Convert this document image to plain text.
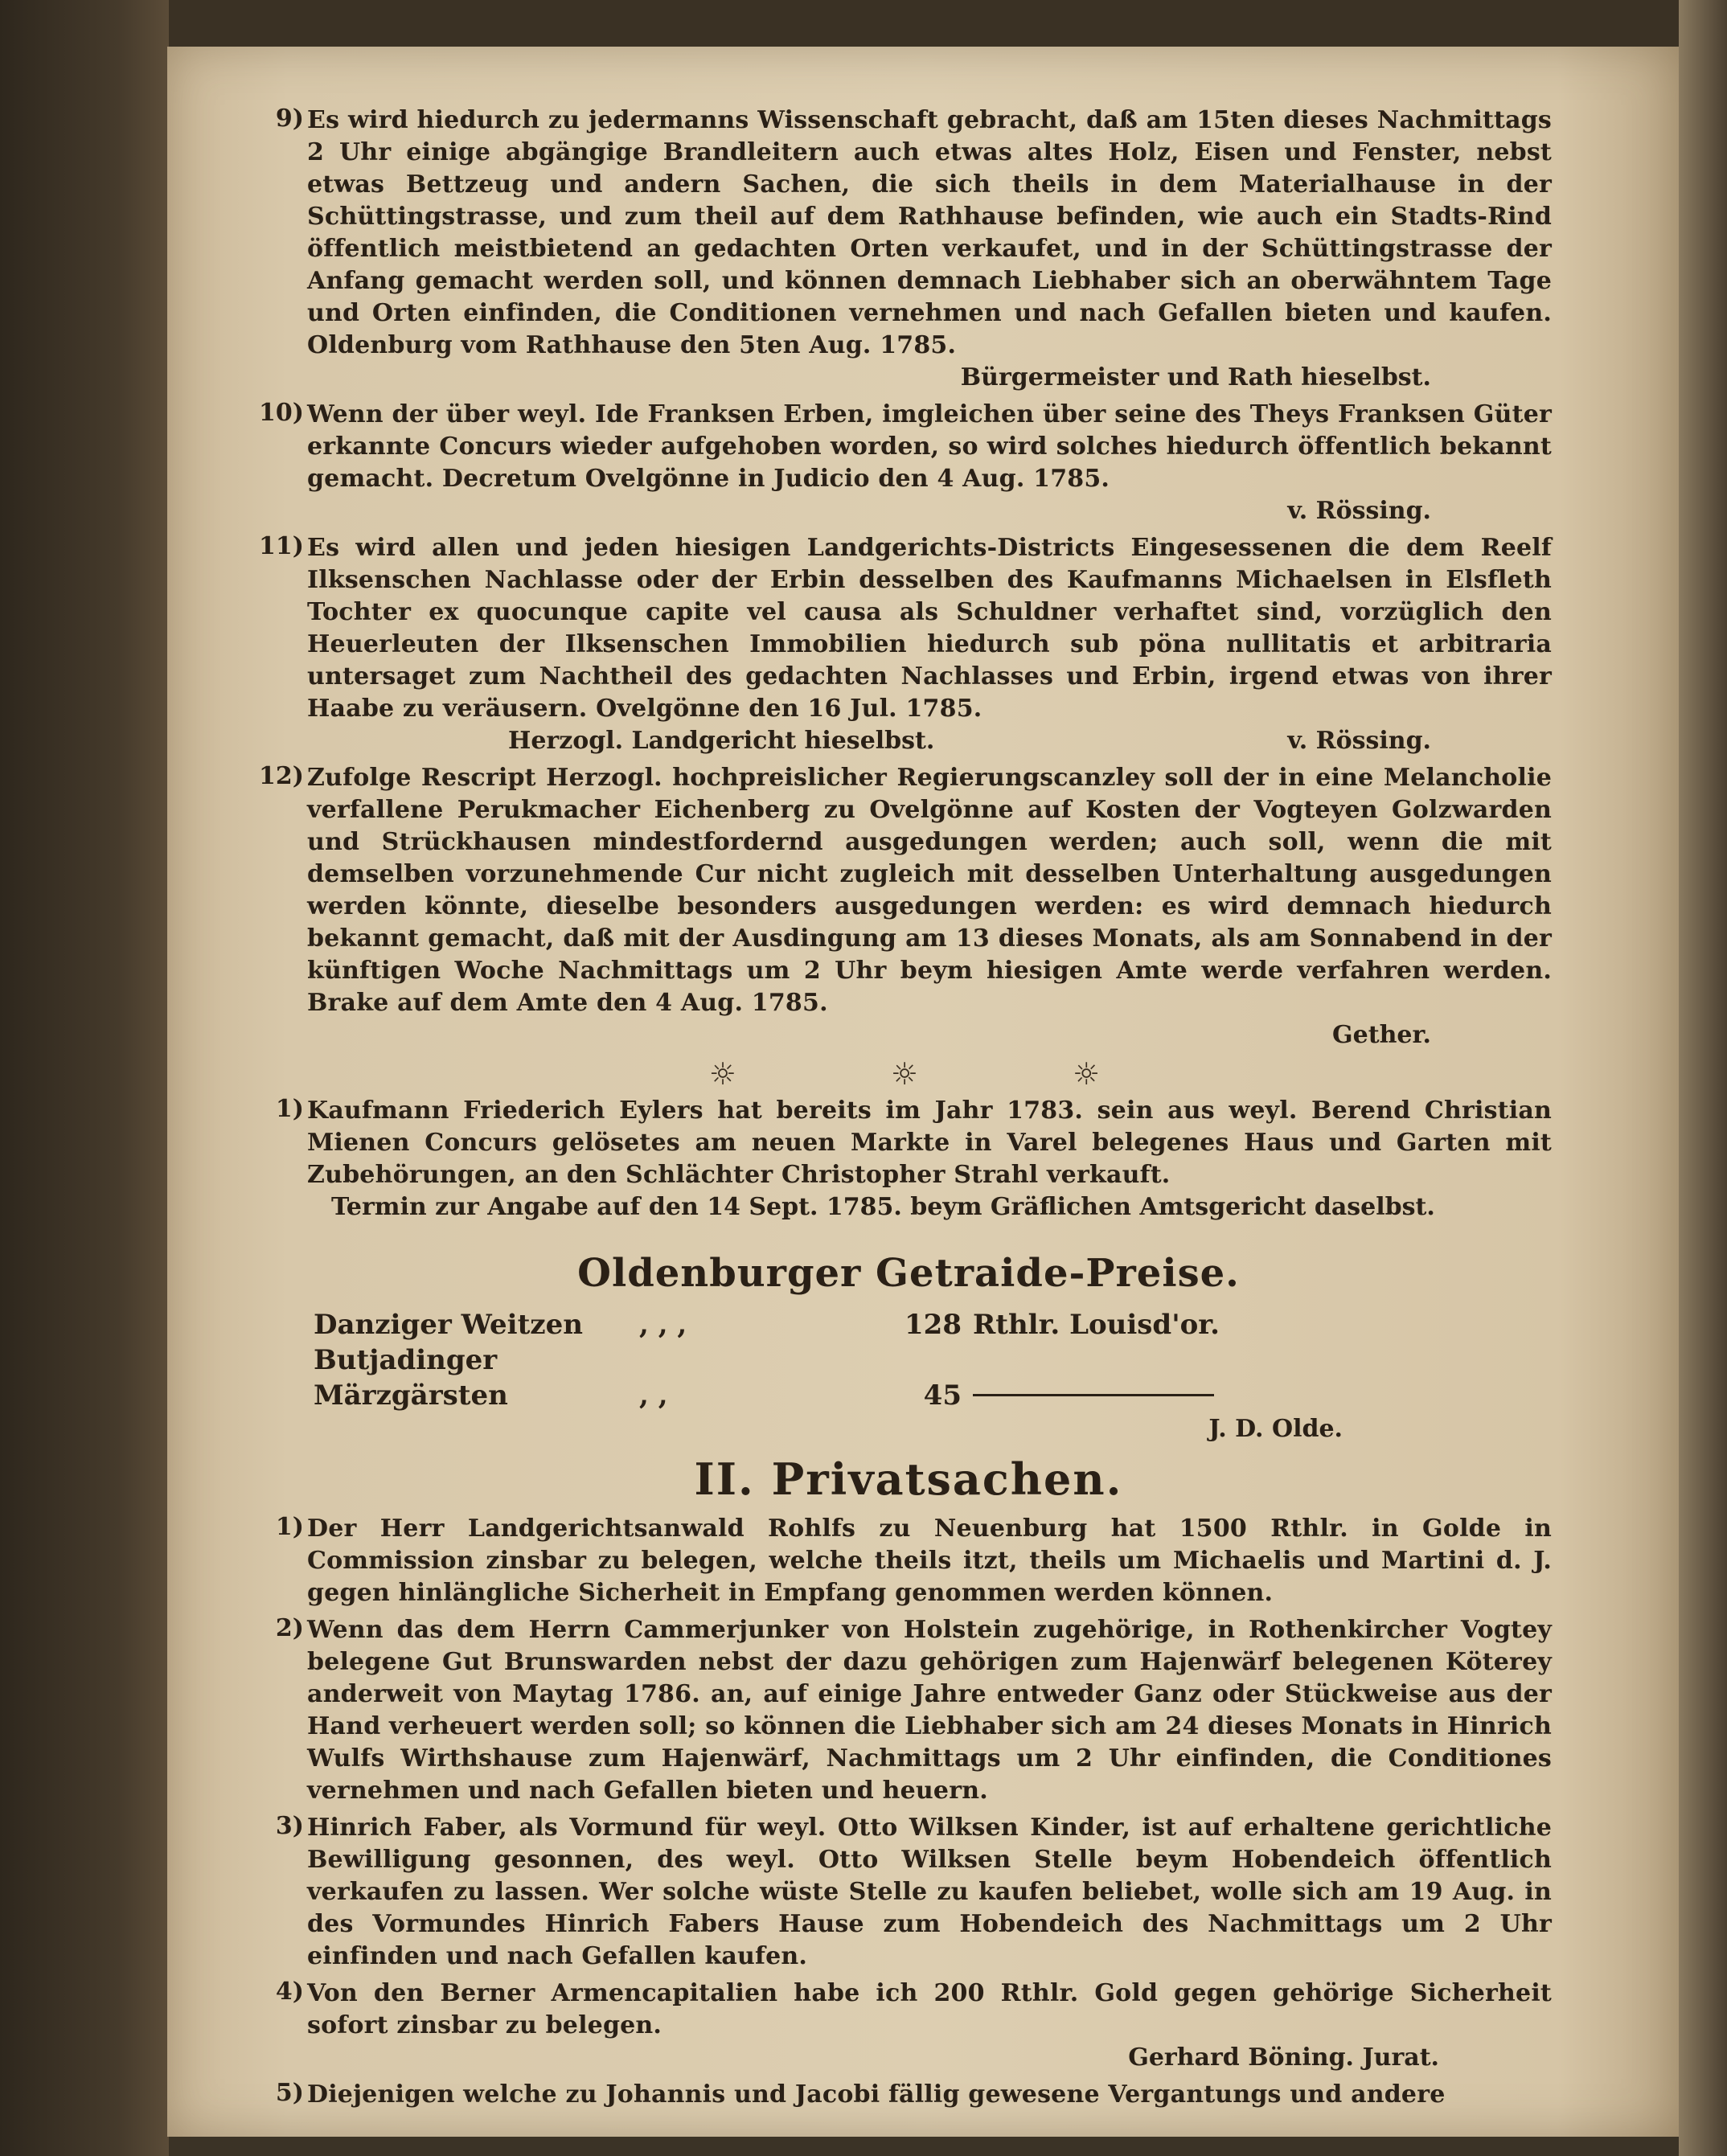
9) Es wird hiedurch zu jedermanns Wissenschaft gebracht, daß am 15ten dieses Nachmittags 2 Uhr einige abgängige Brandleitern auch etwas altes Holz, Eisen und Fenster, nebst etwas Bettzeug und andern Sachen, die sich theils in dem Materialhause in der Schüttingstrasse, und zum theil auf dem Rathhause befinden, wie auch ein Stadts-Rind öffentlich meistbietend an gedachten Orten verkaufet, und in der Schüttingstrasse der Anfang gemacht werden soll, und können demnach Liebhaber sich an oberwähntem Tage und Orten einfinden, die Conditionen vernehmen und nach Gefallen bieten und kaufen. Oldenburg vom Rathhause den 5ten Aug. 1785.
Bürgermeister und Rath hieselbst.
10) Wenn der über weyl. Ide Franksen Erben, imgleichen über seine des Theys Franksen Güter erkannte Concurs wieder aufgehoben worden, so wird solches hiedurch öffentlich bekannt gemacht. Decretum Ovelgönne in Judicio den 4 Aug. 1785.
v. Rössing.
11) Es wird allen und jeden hiesigen Landgerichts-Districts Eingesessenen die dem Reelf Ilksenschen Nachlasse oder der Erbin desselben des Kaufmanns Michaelsen in Elsfleth Tochter ex quocunque capite vel causa als Schuldner verhaftet sind, vorzüglich den Heuerleuten der Ilksenschen Immobilien hiedurch sub pöna nullitatis et arbitraria untersaget zum Nachtheil des gedachten Nachlasses und Erbin, irgend etwas von ihrer Haabe zu veräusern. Ovelgönne den 16 Jul. 1785.
Herzogl. Landgericht hieselbst.	v. Rössing.
12) Zufolge Rescript Herzogl. hochpreislicher Regierungscanzley soll der in eine Melancholie verfallene Perukmacher Eichenberg zu Ovelgönne auf Kosten der Vogteyen Golzwarden und Strückhausen mindestfordernd ausgedungen werden; auch soll, wenn die mit demselben vorzunehmende Cur nicht zugleich mit desselben Unterhaltung ausgedungen werden könnte, dieselbe besonders ausgedungen werden: es wird demnach hiedurch bekannt gemacht, daß mit der Ausdingung am 13 dieses Monats, als am Sonnabend in der künftigen Woche Nachmittags um 2 Uhr beym hiesigen Amte werde verfahren werden. Brake auf dem Amte den 4 Aug. 1785.
Gether.
☼ ☼ ☼
1) Kaufmann Friederich Eylers hat bereits im Jahr 1783. sein aus weyl. Berend Christian Mienen Concurs gelösetes am neuen Markte in Varel belegenes Haus und Garten mit Zubehörungen, an den Schlächter Christopher Strahl verkauft.
Termin zur Angabe auf den 14 Sept. 1785. beym Gräflichen Amtsgericht daselbst.
Oldenburger Getraide-Preise.
Danziger Weitzen	, , ,	128	Rthlr. Louisd'or.
Butjadinger Märzgärsten	, ,	45	
J. D. Olde.
II. Privatsachen.
1) Der Herr Landgerichtsanwald Rohlfs zu Neuenburg hat 1500 Rthlr. in Golde in Commission zinsbar zu belegen, welche theils itzt, theils um Michaelis und Martini d. J. gegen hinlängliche Sicherheit in Empfang genommen werden können.
2) Wenn das dem Herrn Cammerjunker von Holstein zugehörige, in Rothenkircher Vogtey belegene Gut Brunswarden nebst der dazu gehörigen zum Hajenwärf belegenen Köterey anderweit von Maytag 1786. an, auf einige Jahre entweder Ganz oder Stückweise aus der Hand verheuert werden soll; so können die Liebhaber sich am 24 dieses Monats in Hinrich Wulfs Wirthshause zum Hajenwärf, Nachmittags um 2 Uhr einfinden, die Conditiones vernehmen und nach Gefallen bieten und heuern.
3) Hinrich Faber, als Vormund für weyl. Otto Wilksen Kinder, ist auf erhaltene gerichtliche Bewilligung gesonnen, des weyl. Otto Wilksen Stelle beym Hobendeich öffentlich verkaufen zu lassen. Wer solche wüste Stelle zu kaufen beliebet, wolle sich am 19 Aug. in des Vormundes Hinrich Fabers Hause zum Hobendeich des Nachmittags um 2 Uhr einfinden und nach Gefallen kaufen.
4) Von den Berner Armencapitalien habe ich 200 Rthlr. Gold gegen gehörige Sicherheit sofort zinsbar zu belegen.
Gerhard Böning. Jurat.
5) Diejenigen welche zu Johannis und Jacobi fällig gewesene Vergantungs und andere
